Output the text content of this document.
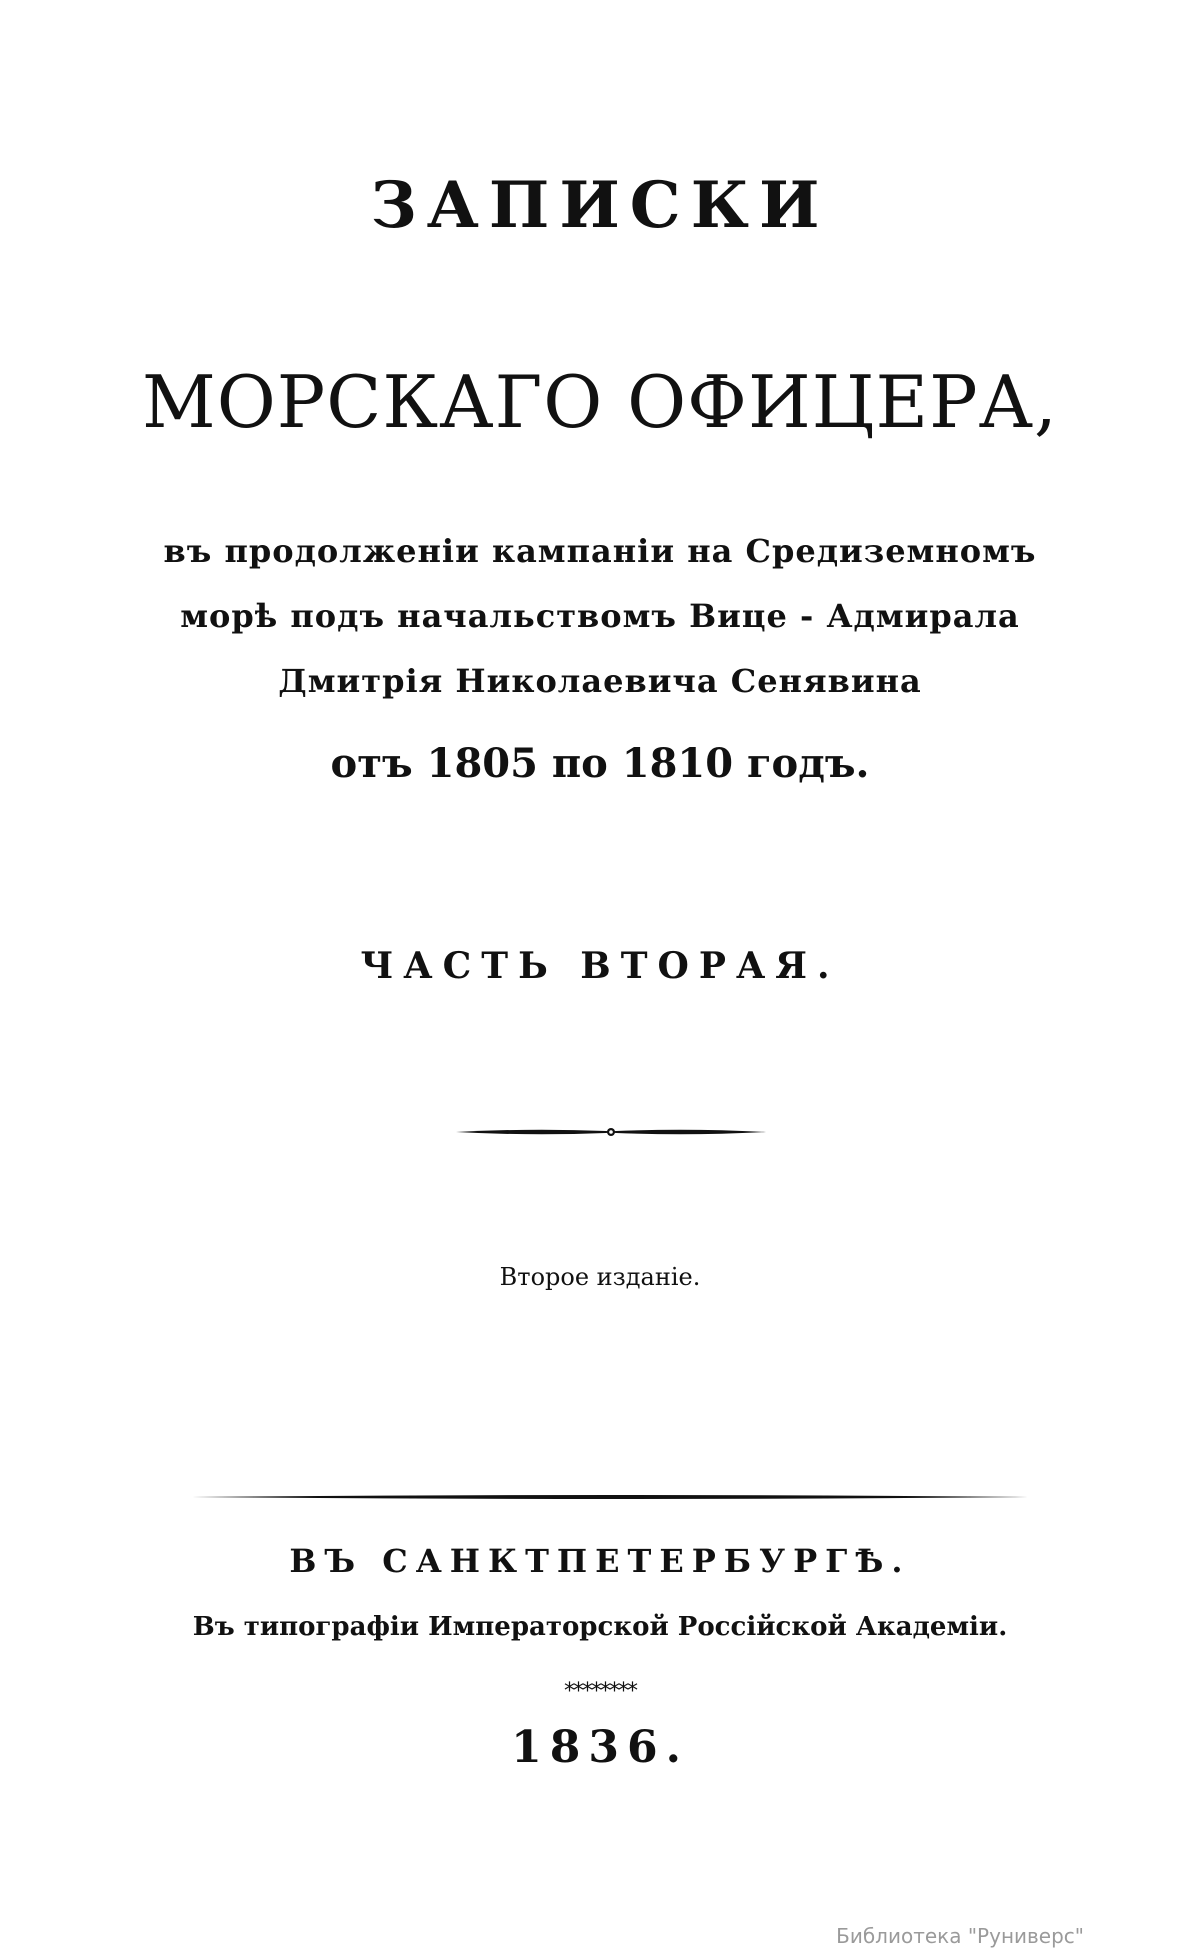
ЗАПИСКИ
МОРСКАГО ОФИЦЕРА,
въ продолженіи кампаніи на Средиземномъ
морѣ подъ начальствомъ Вице - Адмирала
Дмитрія Николаевича Сенявина
отъ 1805 по 1810 годъ.
ЧАСТЬ ВТОРАЯ.
Второе изданіе.
ВЪ САНКТПЕТЕРБУРГѢ.
Въ типографіи Императорской Россійской Академіи.
********
1836.
Библиотека "Руниверс"
